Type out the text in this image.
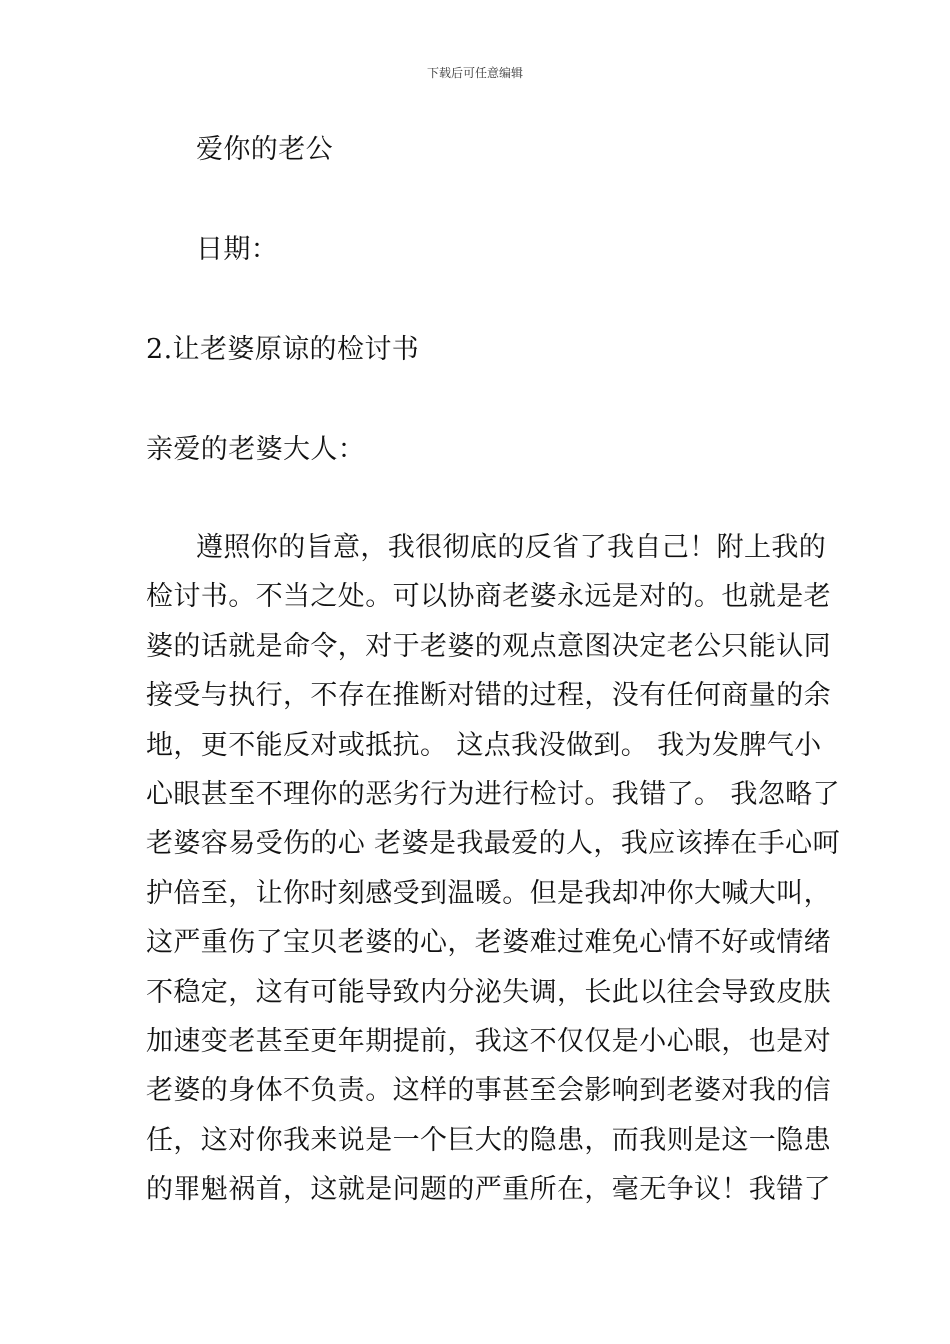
下载后可任意编辑
爱你的老公
日期：
2.让老婆原谅的检讨书
亲爱的老婆大人：
遵照你的旨意，我很彻底的反省了我自己！附上我的
检讨书。不当之处。可以协商老婆永远是对的。也就是老
婆的话就是命令，对于老婆的观点意图决定老公只能认同
接受与执行，不存在推断对错的过程，没有任何商量的余
地，更不能反对或抵抗。 这点我没做到。 我为发脾气小
心眼甚至不理你的恶劣行为进行检讨。我错了。 我忽略了
老婆容易受伤的心 老婆是我最爱的人，我应该捧在手心呵
护倍至，让你时刻感受到温暖。但是我却冲你大喊大叫，
这严重伤了宝贝老婆的心，老婆难过难免心情不好或情绪
不稳定，这有可能导致内分泌失调，长此以往会导致皮肤
加速变老甚至更年期提前，我这不仅仅是小心眼，也是对
老婆的身体不负责。这样的事甚至会影响到老婆对我的信
任，这对你我来说是一个巨大的隐患，而我则是这一隐患
的罪魁祸首，这就是问题的严重所在，毫无争议！我错了
